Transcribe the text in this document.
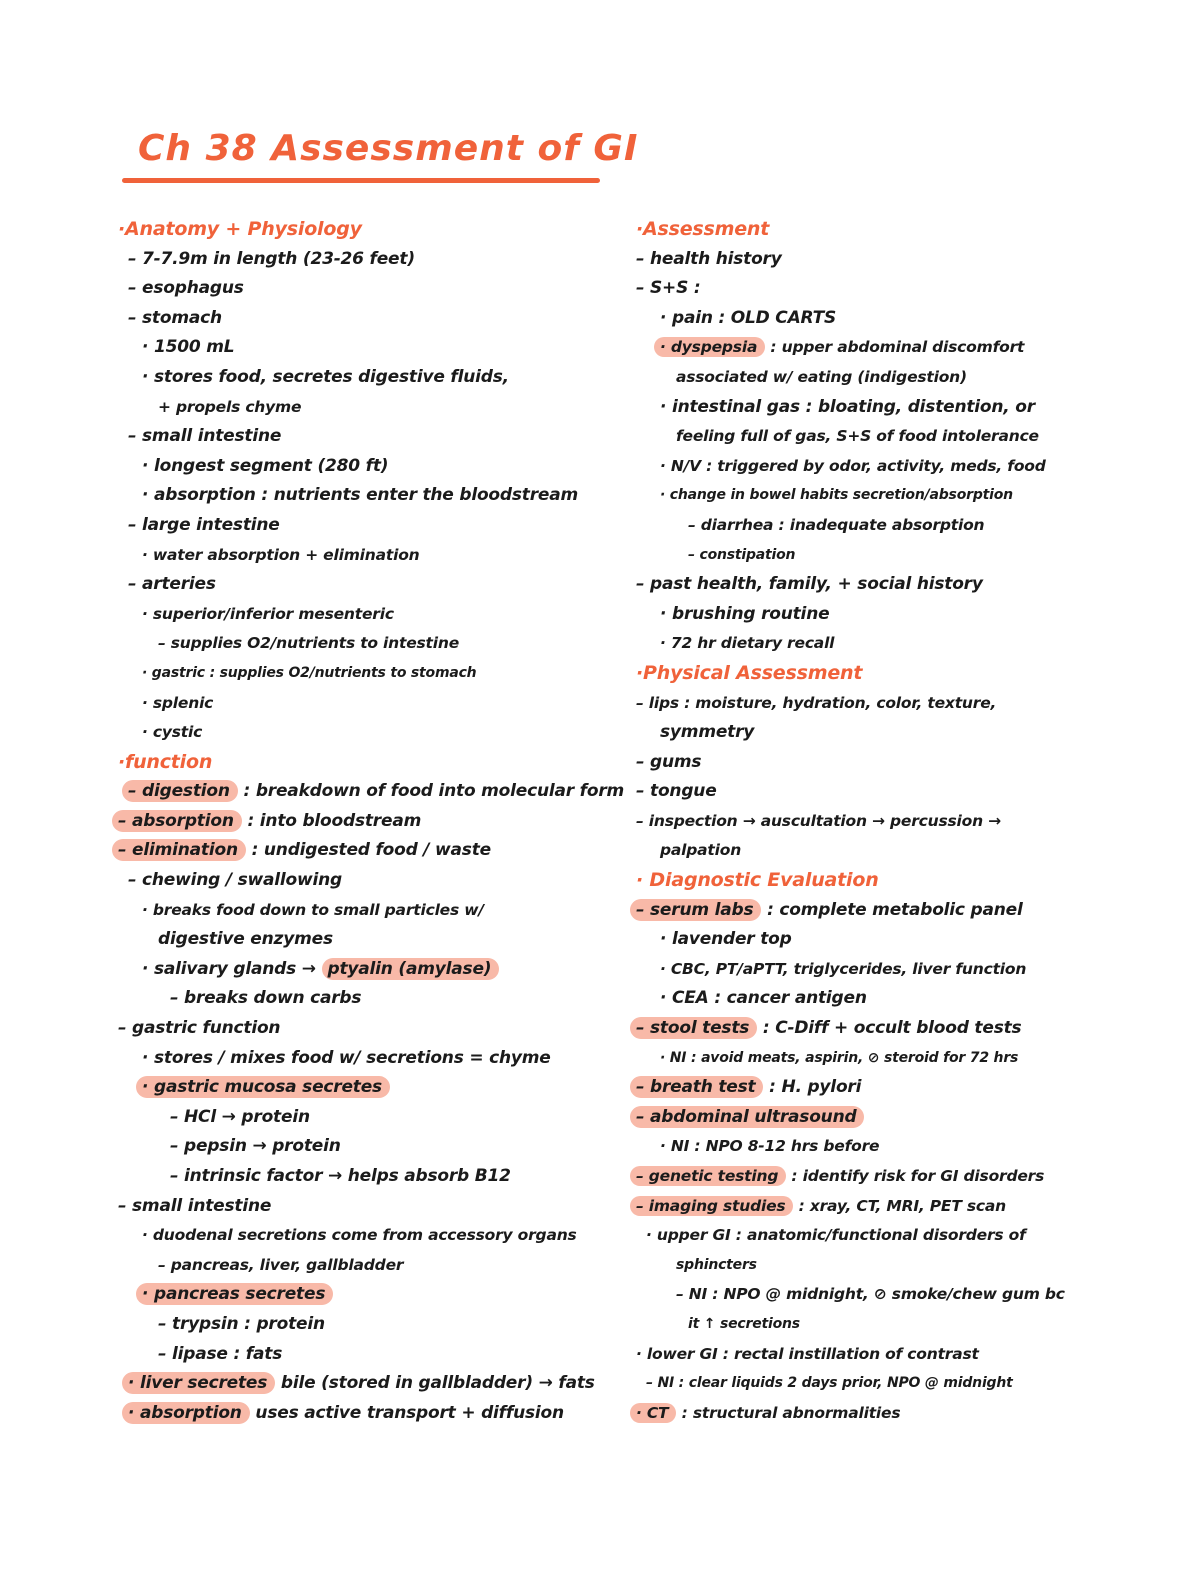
Ch 38 Assessment of GI
·Anatomy + Physiology
– 7-7.9m in length (23-26 feet)
– esophagus
– stomach
· 1500 mL
· stores food, secretes digestive fluids,
+ propels chyme
– small intestine
· longest segment (280 ft)
· absorption : nutrients enter the bloodstream
– large intestine
· water absorption + elimination
– arteries
· superior/inferior mesenteric
– supplies O2/nutrients to intestine
· gastric : supplies O2/nutrients to stomach
· splenic
· cystic
·function
– digestion : breakdown of food into molecular form
– absorption : into bloodstream
– elimination : undigested food / waste
– chewing / swallowing
· breaks food down to small particles w/
digestive enzymes
· salivary glands → ptyalin (amylase)
– breaks down carbs
– gastric function
· stores / mixes food w/ secretions = chyme
· gastric mucosa secretes
– HCl → protein
– pepsin → protein
– intrinsic factor → helps absorb B12
– small intestine
· duodenal secretions come from accessory organs
– pancreas, liver, gallbladder
· pancreas secretes
– trypsin : protein
– lipase : fats
· liver secretes bile (stored in gallbladder) → fats
· absorption uses active transport + diffusion
·Assessment
– health history
– S+S :
· pain : OLD CARTS
· dyspepsia : upper abdominal discomfort
associated w/ eating (indigestion)
· intestinal gas : bloating, distention, or
feeling full of gas, S+S of food intolerance
· N/V : triggered by odor, activity, meds, food
· change in bowel habits secretion/absorption
– diarrhea : inadequate absorption
– constipation
– past health, family, + social history
· brushing routine
· 72 hr dietary recall
·Physical Assessment
– lips : moisture, hydration, color, texture,
symmetry
– gums
– tongue
– inspection → auscultation → percussion →
palpation
· Diagnostic Evaluation
– serum labs : complete metabolic panel
· lavender top
· CBC, PT/aPTT, triglycerides, liver function
· CEA : cancer antigen
– stool tests : C-Diff + occult blood tests
· NI : avoid meats, aspirin, ⊘ steroid for 72 hrs
– breath test : H. pylori
– abdominal ultrasound
· NI : NPO 8-12 hrs before
– genetic testing : identify risk for GI disorders
– imaging studies : xray, CT, MRI, PET scan
· upper GI : anatomic/functional disorders of
sphincters
– NI : NPO @ midnight, ⊘ smoke/chew gum bc
it ↑ secretions
· lower GI : rectal instillation of contrast
– NI : clear liquids 2 days prior, NPO @ midnight
· CT : structural abnormalities
